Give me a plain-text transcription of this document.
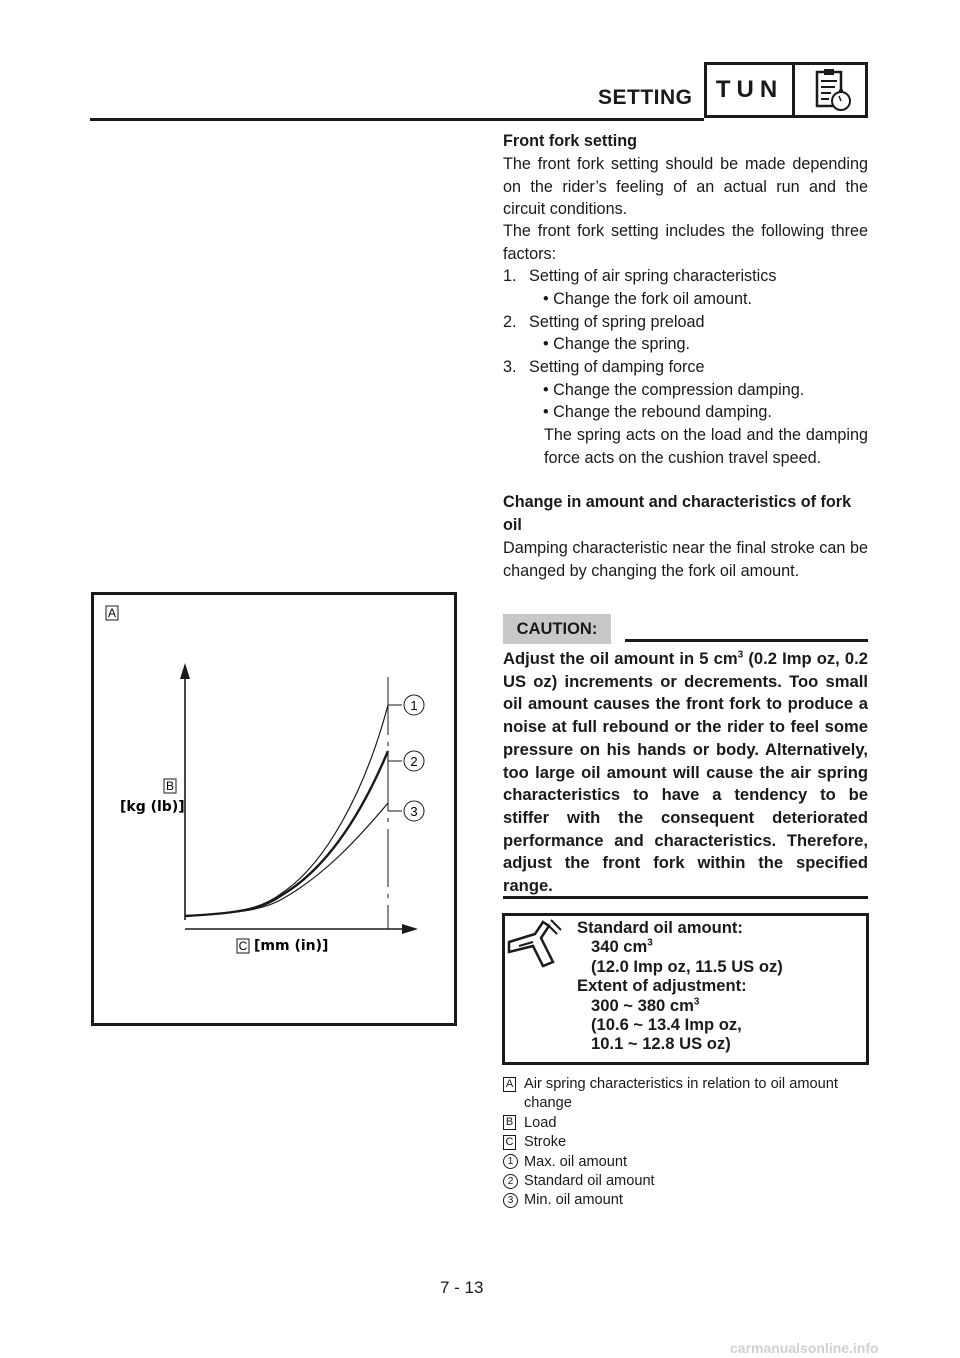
SETTING TUN
Front fork setting
The front fork setting should be made depending on the rider’s feeling of an actual run and the circuit conditions.
The front fork setting includes the following three factors:
1. Setting of air spring characteristics
• Change the fork oil amount.
2. Setting of spring preload
• Change the spring.
3. Setting of damping force
• Change the compression damping.
• Change the rebound damping.
The spring acts on the load and the damping force acts on the cushion travel speed.
Change in amount and characteristics of fork oil
Damping characteristic near the final stroke can be changed by changing the fork oil amount.
CAUTION:
Adjust the oil amount in 5 $cm^3$ (0.2 Imp oz, 0.2 US oz) increments or decrements. Too small oil amount causes the front fork to produce a noise at full rebound or the rider to feel some pressure on his hands or body. Alternatively, too large oil amount will cause the air spring characteristics to have a tendency to be stiffer with the consequent deteriorated performance and characteristics. Therefore, adjust the front fork within the specified range.
Standard oil amount:
340 $cm^3$
(12.0 Imp oz, 11.5 US oz)
Extent of adjustment:
300 ~ 380 $cm^3$
(10.6 ~ 13.4 Imp oz,
10.1 ~ 12.8 US oz)
A Air spring characteristics in relation to oil amount change
B Load
C Stroke
1 Max. oil amount
2 Standard oil amount
3 Min. oil amount
A
1
2
3
B
[kg (lb)]
C [mm (in)]
7 - 13
carmanualsonline.info
